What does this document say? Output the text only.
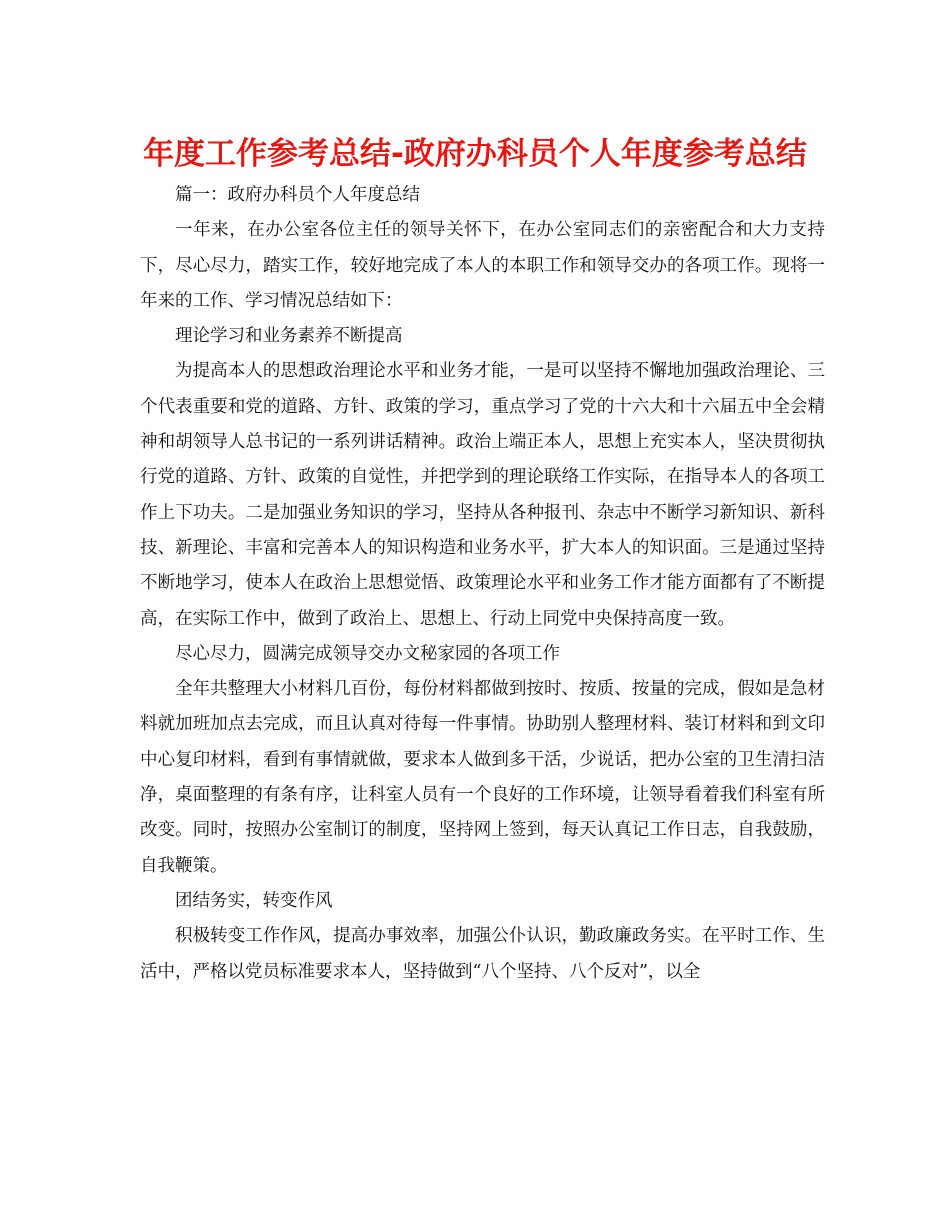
年度工作参考总结-政府办科员个人年度参考总结

篇一：政府办科员个人年度总结

一年来，在办公室各位主任的领导关怀下，在办公室同志们的亲密配合和大力支持下，尽心尽力，踏实工作，较好地完成了本人的本职工作和领导交办的各项工作。现将一年来的工作、学习情况总结如下：

理论学习和业务素养不断提高

为提高本人的思想政治理论水平和业务才能，一是可以坚持不懈地加强政治理论、三个代表重要和党的道路、方针、政策的学习，重点学习了党的十六大和十六届五中全会精神和胡领导人总书记的一系列讲话精神。政治上端正本人，思想上充实本人，坚决贯彻执行党的道路、方针、政策的自觉性，并把学到的理论联络工作实际，在指导本人的各项工作上下功夫。二是加强业务知识的学习，坚持从各种报刊、杂志中不断学习新知识、新科技、新理论、丰富和完善本人的知识构造和业务水平，扩大本人的知识面。三是通过坚持不断地学习，使本人在政治上思想觉悟、政策理论水平和业务工作才能方面都有了不断提高，在实际工作中，做到了政治上、思想上、行动上同党中央保持高度一致。

尽心尽力，圆满完成领导交办文秘家园的各项工作

全年共整理大小材料几百份，每份材料都做到按时、按质、按量的完成，假如是急材料就加班加点去完成，而且认真对待每一件事情。协助别人整理材料、装订材料和到文印中心复印材料，看到有事情就做，要求本人做到多干活，少说话，把办公室的卫生清扫洁净，桌面整理的有条有序，让科室人员有一个良好的工作环境，让领导看着我们科室有所改变。同时，按照办公室制订的制度，坚持网上签到，每天认真记工作日志，自我鼓励，自我鞭策。

团结务实，转变作风

积极转变工作作风，提高办事效率，加强公仆认识，勤政廉政务实。在平时工作、生活中，严格以党员标准要求本人，坚持做到“八个坚持、八个反对”，以全
